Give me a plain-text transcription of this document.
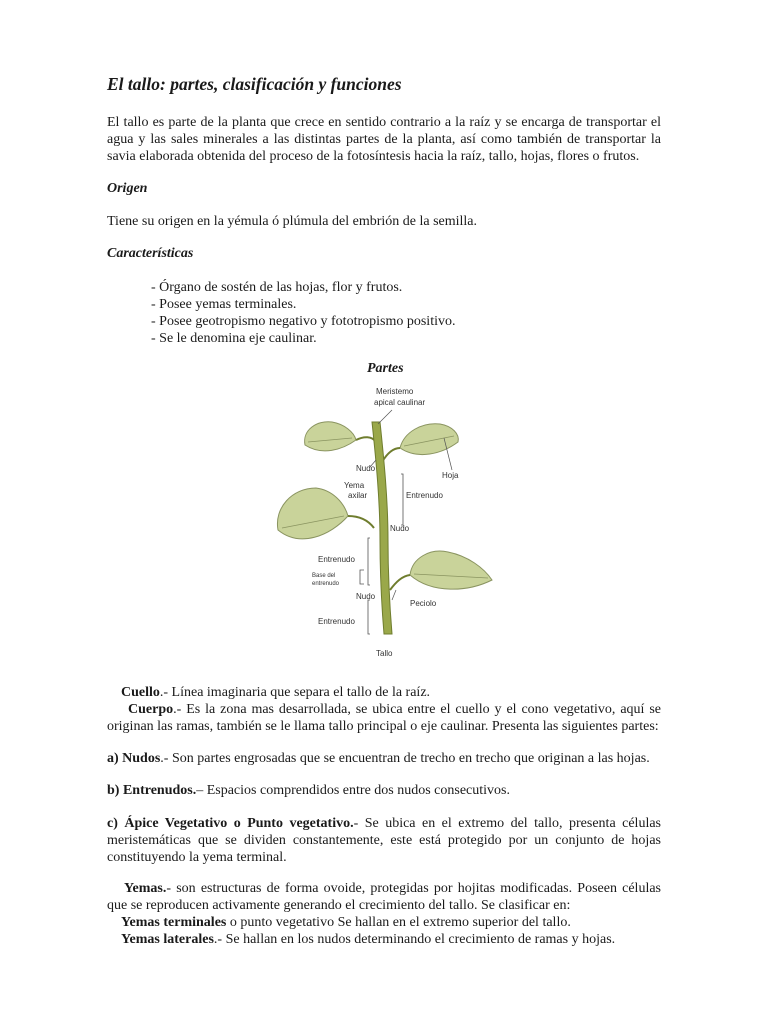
El tallo: partes, clasificación y funciones

El tallo es parte de la planta que crece en sentido contrario a la raíz y se encarga de transportar el agua y las sales minerales a las distintas partes de la planta, así como también de transportar la savia elaborada obtenida del proceso de la fotosíntesis hacia la raíz, tallo, hojas, flores o frutos.

Origen

Tiene su origen en la yémula ó plúmula del embrión de la semilla.

Características

- Órgano de sostén de las hojas, flor y frutos.
- Posee yemas terminales.
- Posee geotropismo negativo y fototropismo positivo.
- Se le denomina eje caulinar.

Partes

Meristemo
apical caulinar
Nudo
Hoja
Yema
axilar	Entrenudo
Nudo
Entrenudo
Base del
entrenudo
Nudo
Peciolo
Entrenudo
Tallo

Cuello.- Línea imaginaria que separa el tallo de la raíz.

Cuerpo.- Es la zona mas desarrollada, se ubica entre el cuello y el cono vegetativo, aquí se originan las ramas, también se le llama tallo principal o eje caulinar. Presenta las siguientes partes:

a) Nudos.- Son partes engrosadas que se encuentran de trecho en trecho que originan a las hojas.

b) Entrenudos.– Espacios comprendidos entre dos nudos consecutivos.

c) Ápice Vegetativo o Punto vegetativo.- Se ubica en el extremo del tallo, presenta células meristemáticas que se dividen constantemente, este está protegido por un conjunto de hojas constituyendo la yema terminal.

Yemas.- son estructuras de forma ovoide, protegidas por hojitas modificadas. Poseen células que se reproducen activamente generando el crecimiento del tallo. Se clasificar en:

Yemas terminales o punto vegetativo Se hallan en el extremo superior del tallo.

Yemas laterales.- Se hallan en los nudos determinando el crecimiento de ramas y hojas.
